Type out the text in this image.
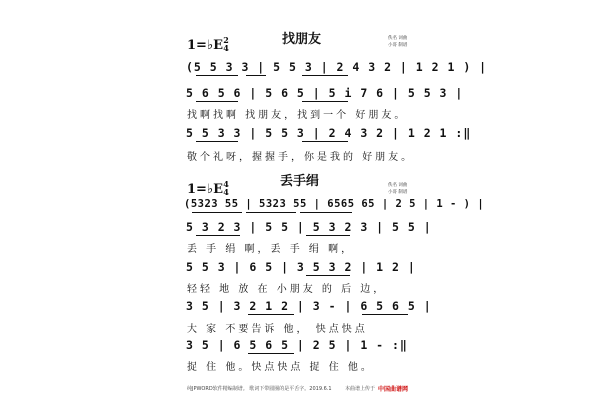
找朋友
1=♭E 2
4
佚名 词曲
小哥 制谱
(5 5 3 3 | 5 5 3 | 2 4 3 2 | 1 2 1 ) |
5 6 5 6 | 5 6 5 | 5 i 7 6 | 5 5 3 |
找啊找啊 找朋友，找到一个 好朋友。
5 5 3 3 | 5 5 3 | 2 4 3 2 | 1 2 1 :‖
敬个礼呀，握握手，你是我的 好朋友。
丢手绢
1=♭E 4
4
佚名 词曲
小哥 制谱
(5323 55 | 5323 55 | 6565 65 | 2 5 | 1 - ) |
5 3 2 3 | 5 5 | 5 3 2 3 | 5 5 |
丢 手 绢 啊，丢 手 绢 啊，
5 5 3 | 6 5 | 3 5 3 2 | 1 2 |
轻轻 地 放 在 小朋友 的 后 边，
3 5 | 3 2 1 2 | 3 - | 6 5 6 5 |
大 家 不要告诉 他， 快点快点
3 5 | 6 5 6 5 | 2 5 | 1 - :‖
捉 住 他。快点快点 捉 住 他。
纯JPWORD软件精编制谱。 歌词下带圆圈的是平舌字。2019.6.1	本曲谱上传于 中国曲谱网
